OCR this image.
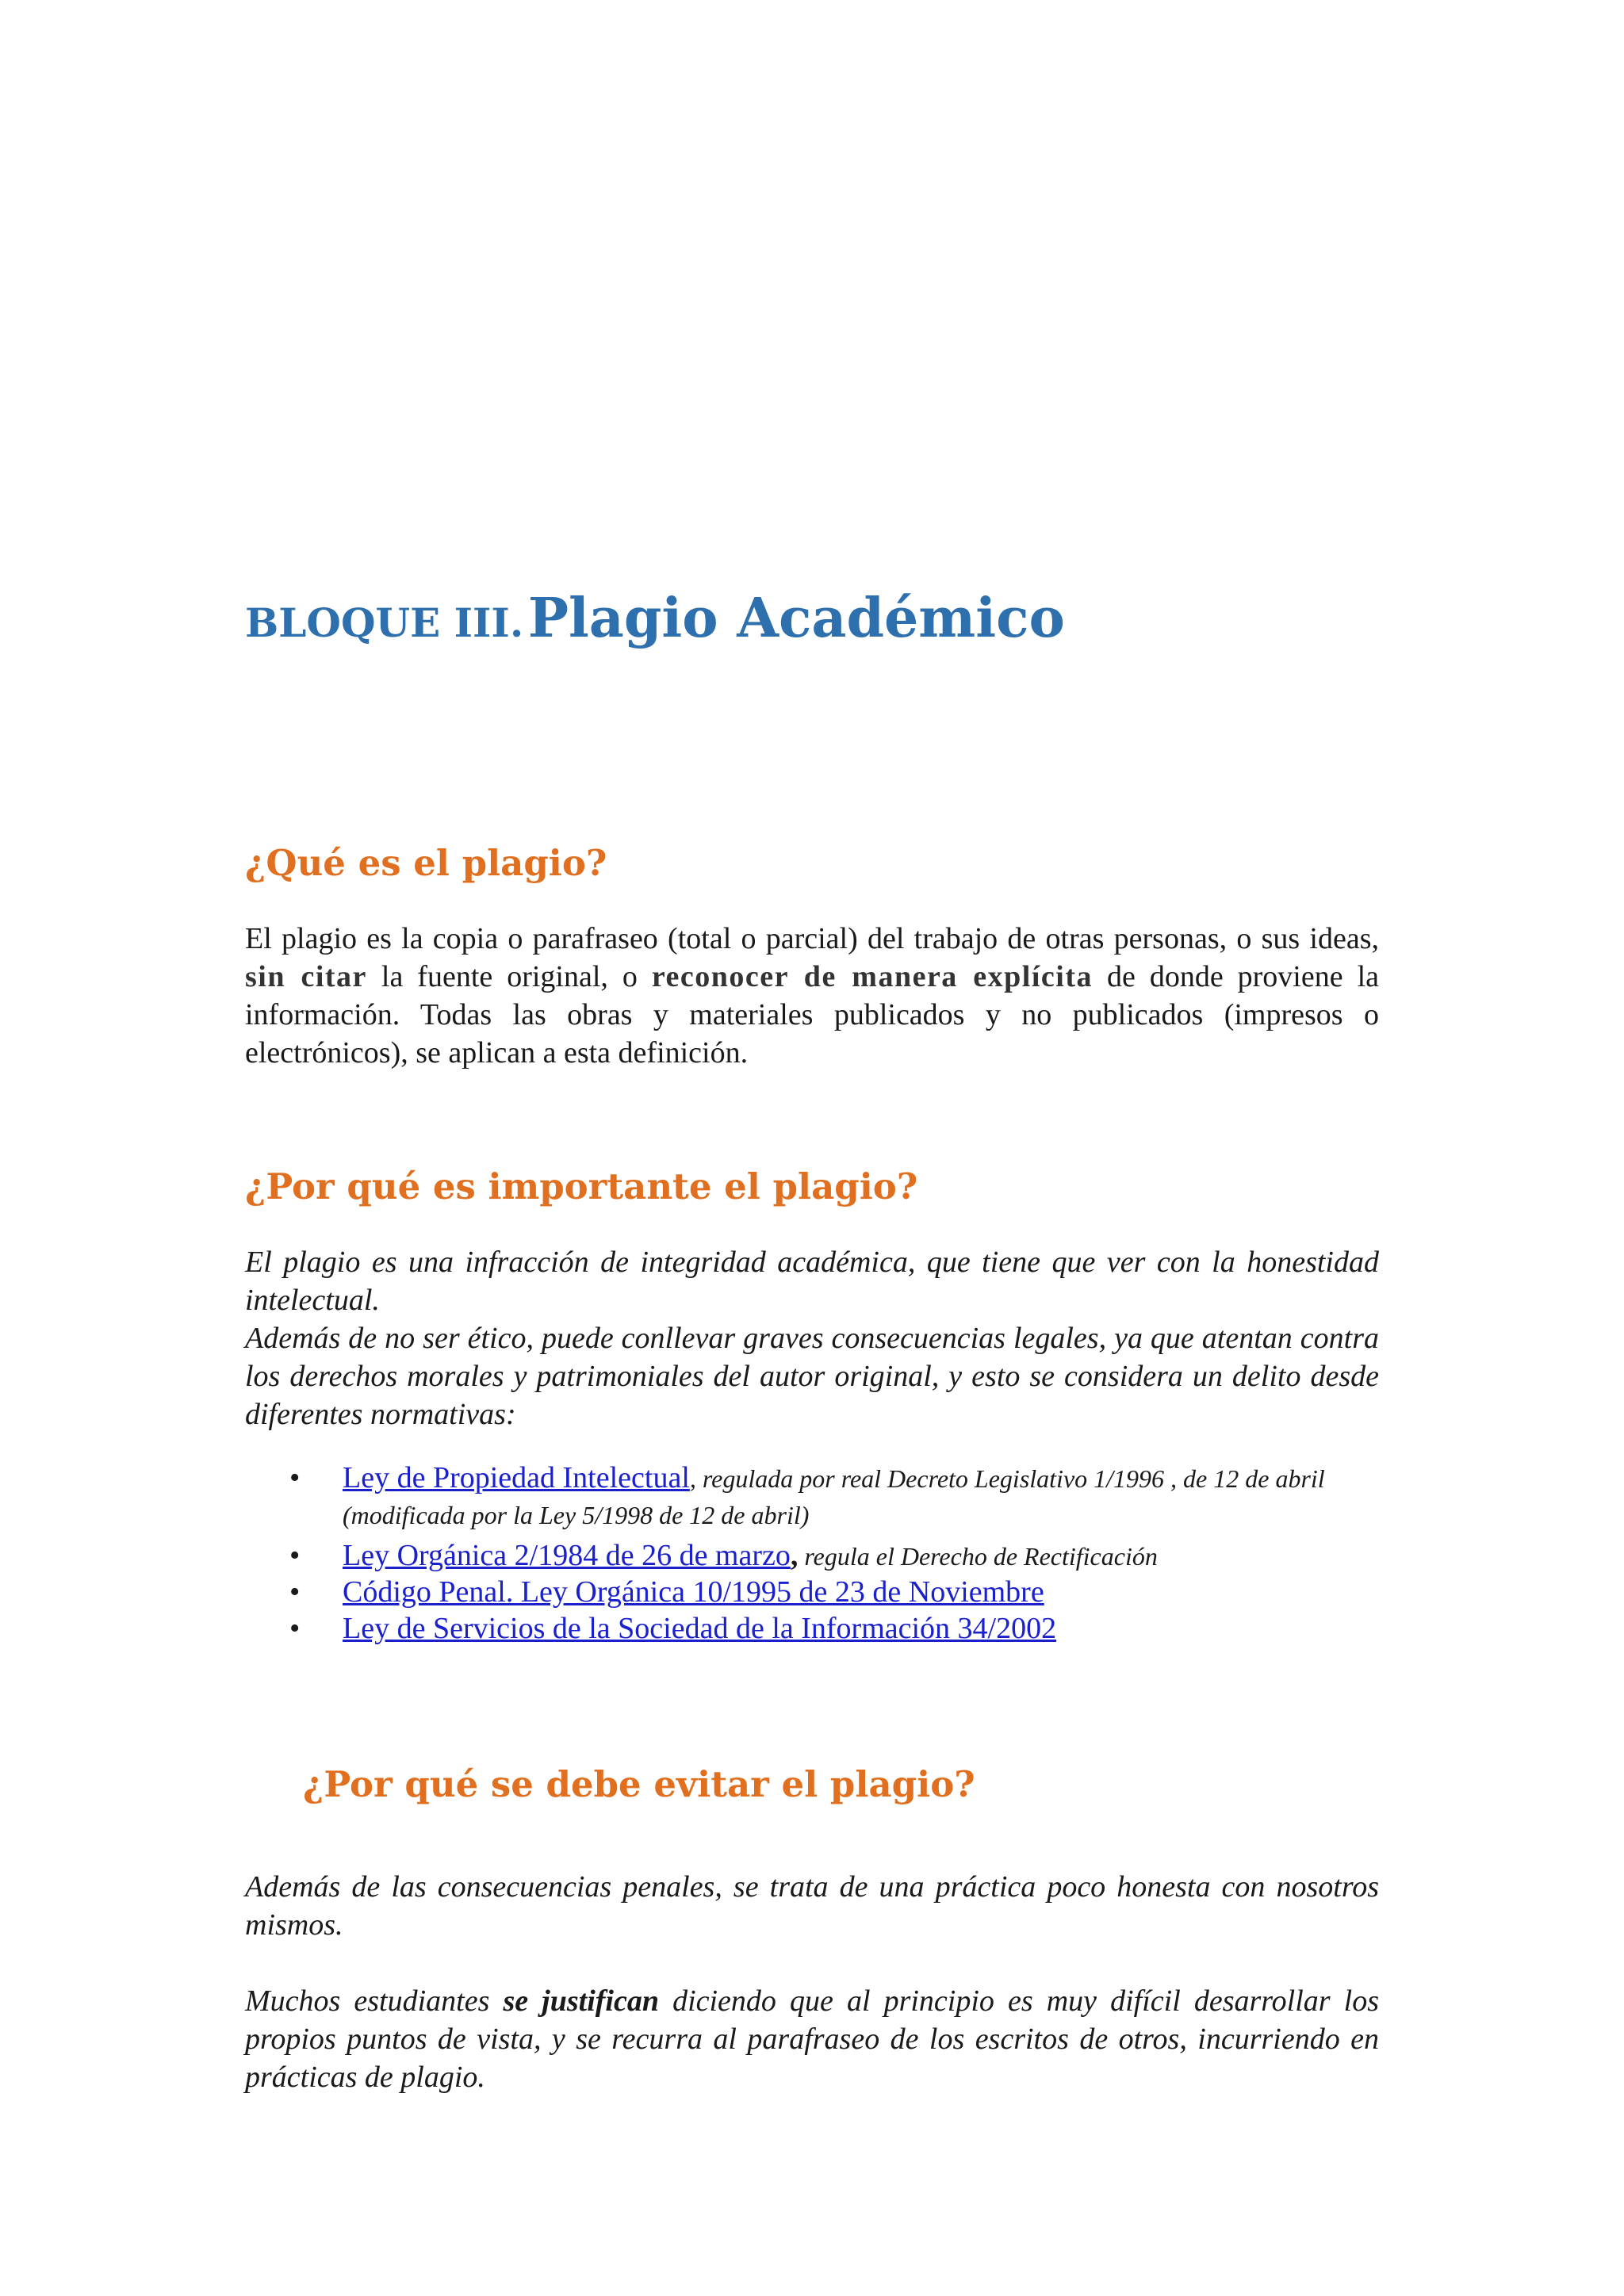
BLOQUE III. Plagio Académico
¿Qué es el plagio?
El plagio es la copia o parafraseo (total o parcial) del trabajo de otras personas, o sus ideas, sin citar la fuente original, o reconocer de manera explícita de donde proviene la información. Todas las obras y materiales publicados y no publicados (impresos o electrónicos), se aplican a esta definición.
¿Por qué es importante el plagio?
El plagio es una infracción de integridad académica, que tiene que ver con la honestidad intelectual.
Además de no ser ético, puede conllevar graves consecuencias legales, ya que atentan contra los derechos morales y patrimoniales del autor original, y esto se considera un delito desde diferentes normativas:
• Ley de Propiedad Intelectual, regulada por real Decreto Legislativo 1/1996 , de 12 de abril (modificada por la Ley 5/1998 de 12 de abril)
• Ley Orgánica 2/1984 de 26 de marzo, regula el Derecho de Rectificación
• Código Penal. Ley Orgánica 10/1995 de 23 de Noviembre
• Ley de Servicios de la Sociedad de la Información 34/2002
¿Por qué se debe evitar el plagio?
Además de las consecuencias penales, se trata de una práctica poco honesta con nosotros mismos.
Muchos estudiantes se justifican diciendo que al principio es muy difícil desarrollar los propios puntos de vista, y se recurra al parafraseo de los escritos de otros, incurriendo en prácticas de plagio.
